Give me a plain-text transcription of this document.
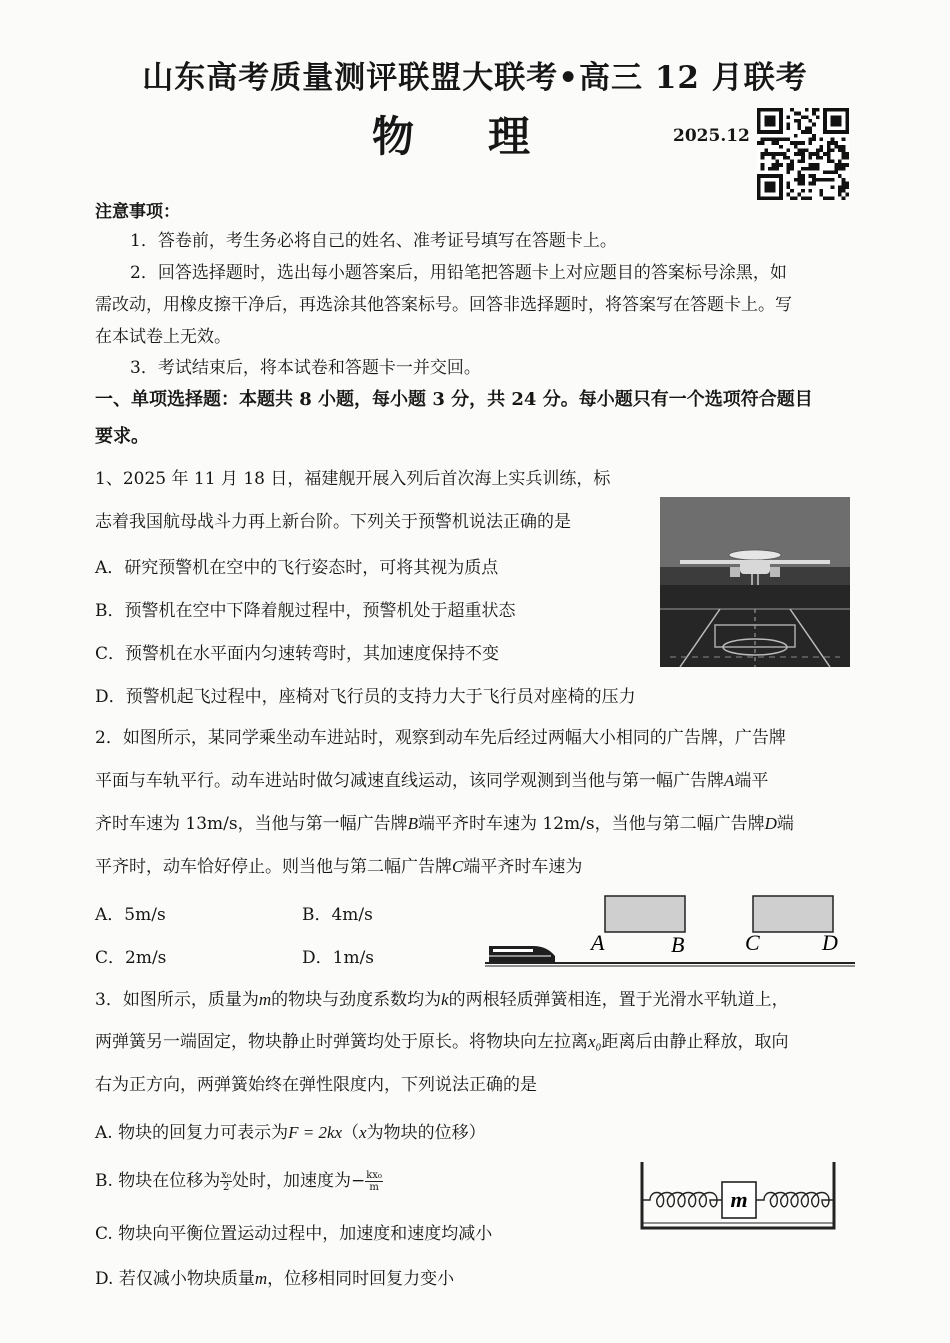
山东高考质量测评联盟大联考•高三 12 月联考
物 理	2025.12
注意事项：
1．答卷前，考生务必将自己的姓名、准考证号填写在答题卡上。
2．回答选择题时，选出每小题答案后，用铅笔把答题卡上对应题目的答案标号涂黑，如
需改动，用橡皮擦干净后，再选涂其他答案标号。回答非选择题时，将答案写在答题卡上。写
在本试卷上无效。
3．考试结束后，将本试卷和答题卡一并交回。
一、单项选择题：本题共 8 小题，每小题 3 分，共 24 分。每小题只有一个选项符合题目
要求。
1、2025 年 11 月 18 日，福建舰开展入列后首次海上实兵训练，标
志着我国航母战斗力再上新台阶。下列关于预警机说法正确的是
A．研究预警机在空中的飞行姿态时，可将其视为质点
B．预警机在空中下降着舰过程中，预警机处于超重状态
C．预警机在水平面内匀速转弯时，其加速度保持不变
D．预警机起飞过程中，座椅对飞行员的支持力大于飞行员对座椅的压力
2．如图所示，某同学乘坐动车进站时，观察到动车先后经过两幅大小相同的广告牌，广告牌
平面与车轨平行。动车进站时做匀减速直线运动，该同学观测到当他与第一幅广告牌A端平
齐时车速为 13m/s，当他与第一幅广告牌B端平齐时车速为 12m/s，当他与第二幅广告牌D端
平齐时，动车恰好停止。则当他与第二幅广告牌C端平齐时车速为
A．5m/s	B．4m/s
C．2m/s	D．1m/s
A	B	C	D
3．如图所示，质量为m的物块与劲度系数均为k的两根轻质弹簧相连，置于光滑水平轨道上，
两弹簧另一端固定，物块静止时弹簧均处于原长。将物块向左拉离x₀距离后由静止释放，取向
右为正方向，两弹簧始终在弹性限度内，下列说法正确的是
A. 物块的回复力可表示为F = 2kx（x为物块的位移）
B. 物块在位移为 $\frac{\text{x₀}}{2}$ 处时，加速度为− $\frac{\text{kx₀}}{m}$
C. 物块向平衡位置运动过程中，加速度和速度均减小
D. 若仅减小物块质量m，位移相同时回复力变小
m
